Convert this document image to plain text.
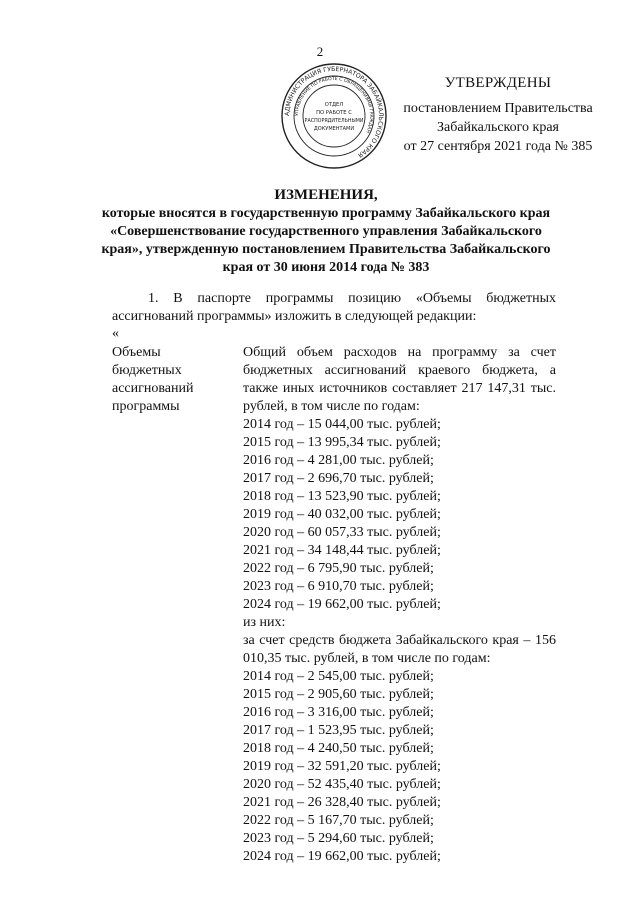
2
АДМИНИСТРАЦИЯ ГУБЕРНАТОРА ЗАБАЙКАЛЬСКОГО КРАЯ
УПРАВЛЕНИЕ ПО РАБОТЕ С ОБРАЩЕНИЯМИ ГРАЖДАН
ОТДЕЛ
ПО РАБОТЕ С
РАСПОРЯДИТЕЛЬНЫМИ
ДОКУМЕНТАМИ
УТВЕРЖДЕНЫ
постановлением Правительства
Забайкальского края
от 27 сентября 2021 года № 385
ИЗМЕНЕНИЯ,
которые вносятся в государственную программу Забайкальского края
«Совершенствование государственного управления Забайкальского
края», утвержденную постановлением Правительства Забайкальского
края от 30 июня 2014 года № 383
1. В паспорте программы позицию «Объемы бюджетных ассигнований программы» изложить в следующей редакции:
«
Объемы
бюджетных
ассигнований
программы
Общий объем расходов на программу за счет бюджетных ассигнований краевого бюджета, а также иных источников составляет 217 147,31 тыс. рублей, в том числе по годам:
2014 год – 15 044,00 тыс. рублей;
2015 год – 13 995,34 тыс. рублей;
2016 год – 4 281,00 тыс. рублей;
2017 год – 2 696,70 тыс. рублей;
2018 год – 13 523,90 тыс. рублей;
2019 год – 40 032,00 тыс. рублей;
2020 год – 60 057,33 тыс. рублей;
2021 год – 34 148,44 тыс. рублей;
2022 год – 6 795,90 тыс. рублей;
2023 год – 6 910,70 тыс. рублей;
2024 год – 19 662,00 тыс. рублей;
из них:
за счет средств бюджета Забайкальского края – 156 010,35 тыс. рублей, в том числе по годам:
2014 год – 2 545,00 тыс. рублей;
2015 год – 2 905,60 тыс. рублей;
2016 год – 3 316,00 тыс. рублей;
2017 год – 1 523,95 тыс. рублей;
2018 год – 4 240,50 тыс. рублей;
2019 год – 32 591,20 тыс. рублей;
2020 год – 52 435,40 тыс. рублей;
2021 год – 26 328,40 тыс. рублей;
2022 год – 5 167,70 тыс. рублей;
2023 год – 5 294,60 тыс. рублей;
2024 год – 19 662,00 тыс. рублей;
